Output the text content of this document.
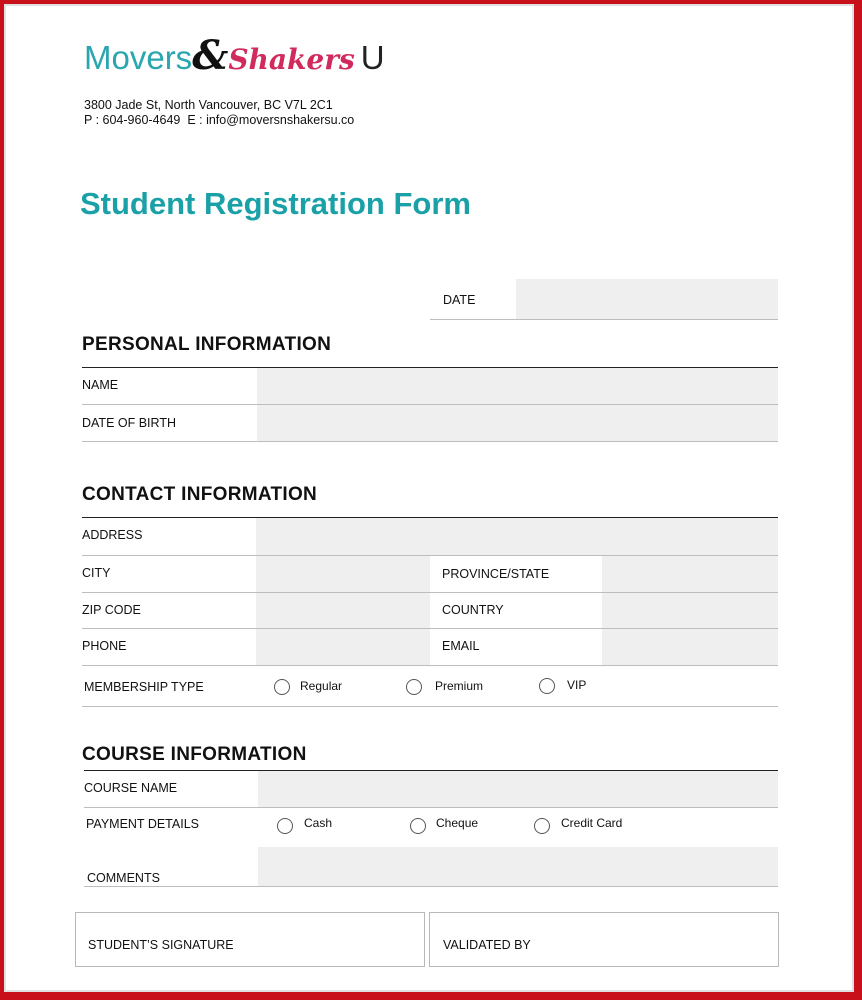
Movers&Shakers U
3800 Jade St, North Vancouver, BC V7L 2C1
P : 604-960-4649  E : info@moversnshakersu.co
Student Registration Form
DATE
PERSONAL INFORMATION
NAME
DATE OF BIRTH
CONTACT INFORMATION
ADDRESS
CITY	PROVINCE/STATE
ZIP CODE	COUNTRY
PHONE	EMAIL
MEMBERSHIP TYPE	Regular	Premium	VIP
COURSE INFORMATION
COURSE NAME
PAYMENT DETAILS	Cash	Cheque	Credit Card
COMMENTS
STUDENT’S SIGNATURE	VALIDATED BY
